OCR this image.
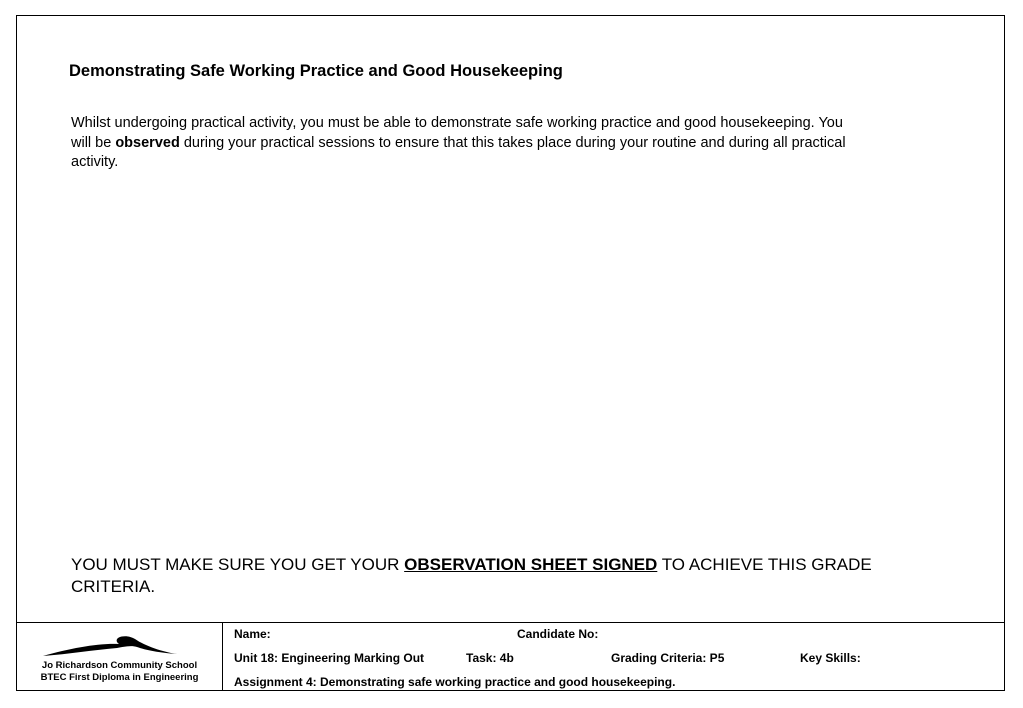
Demonstrating Safe Working Practice and Good Housekeeping

Whilst undergoing practical activity, you must be able to demonstrate safe working practice and good housekeeping. You will be observed during your practical sessions to ensure that this takes place during your routine and during all practical activity.

YOU MUST MAKE SURE YOU GET YOUR OBSERVATION SHEET SIGNED TO ACHIEVE THIS GRADE CRITERIA.

Jo Richardson Community School
BTEC First Diploma in Engineering
Name:	Candidate No:
Unit 18: Engineering Marking Out	Task: 4b	Grading Criteria: P5	Key Skills:
Assignment 4: Demonstrating safe working practice and good housekeeping.
